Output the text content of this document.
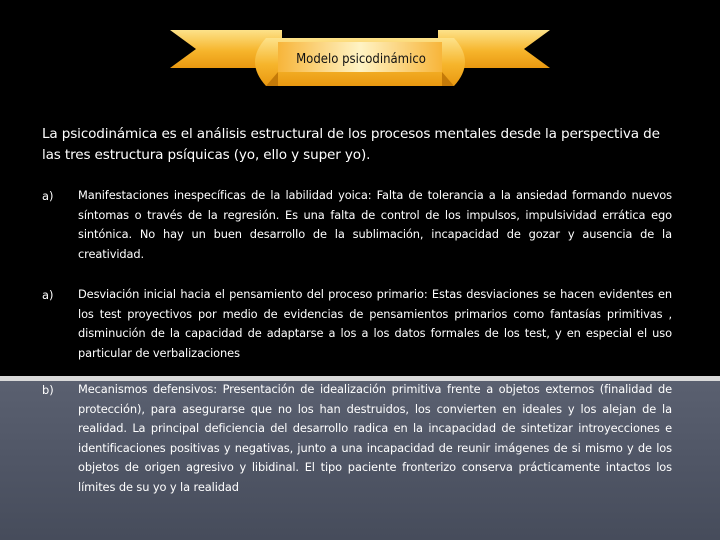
Modelo psicodinámico
La psicodinámica es el análisis estructural de los procesos mentales desde la perspectiva de las tres estructura psíquicas (yo, ello y super yo).
a) Manifestaciones inespecíficas de la labilidad yoica: Falta de tolerancia a la ansiedad formando nuevos síntomas o través de la regresión. Es una falta de control de los impulsos, impulsividad errática ego sintónica. No hay un buen desarrollo de la sublimación, incapacidad de gozar y ausencia de la creatividad.
a) Desviación inicial hacia el pensamiento del proceso primario: Estas desviaciones se hacen evidentes en los test proyectivos por medio de evidencias de pensamientos primarios como fantasías primitivas , disminución de la capacidad de adaptarse a los a los datos formales de los test, y en especial el uso particular de verbalizaciones
b) Mecanismos defensivos: Presentación de idealización primitiva frente a objetos externos (finalidad de protección), para asegurarse que no los han destruidos, los convierten en ideales y los alejan de la realidad. La principal deficiencia del desarrollo radica en la incapacidad de sintetizar introyecciones e identificaciones positivas y negativas, junto a una incapacidad de reunir imágenes de si mismo y de los objetos de origen agresivo y libidinal. El tipo paciente fronterizo conserva prácticamente intactos los límites de su yo y la realidad
